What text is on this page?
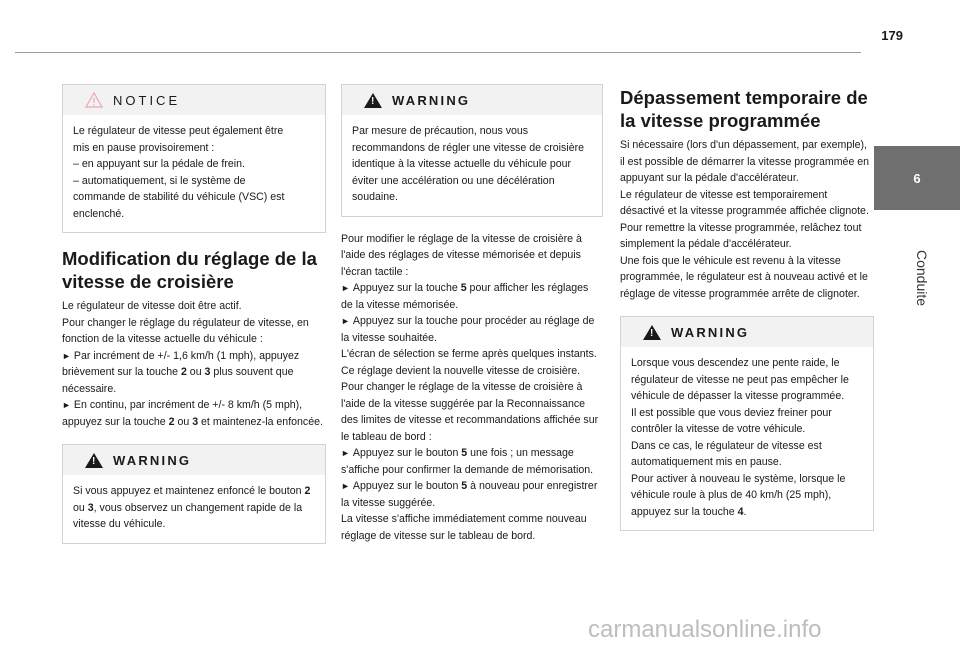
179
6
Conduite
NOTICE

Le régulateur de vitesse peut également être

mis en pause provisoirement :

– en appuyant sur la pédale de frein.

– automatiquement, si le système de

commande de stabilité du véhicule (VSC) est

enclenché.

Modification du réglage de la vitesse de croisière

Le régulateur de vitesse doit être actif.

Pour changer le réglage du régulateur de vitesse, en fonction de la vitesse actuelle du véhicule :

► Par incrément de +/- 1,6 km/h (1 mph), appuyez brièvement sur la touche 2 ou 3 plus souvent que nécessaire.

► En continu, par incrément de +/- 8 km/h (5 mph), appuyez sur la touche 2 ou 3 et maintenez-la enfoncée.

!
WARNING

Si vous appuyez et maintenez enfoncé le bouton 2 ou 3, vous observez un changement rapide de la vitesse du véhicule.

!
WARNING

Par mesure de précaution, nous vous recommandons de régler une vitesse de croisière identique à la vitesse actuelle du véhicule pour éviter une accélération ou une décélération soudaine.

Pour modifier le réglage de la vitesse de croisière à l'aide des réglages de vitesse mémorisée et depuis l'écran tactile :

► Appuyez sur la touche 5 pour afficher les réglages de la vitesse mémorisée.

► Appuyez sur la touche pour procéder au réglage de la vitesse souhaitée.

L'écran de sélection se ferme après quelques instants.

Ce réglage devient la nouvelle vitesse de croisière.

Pour changer le réglage de la vitesse de croisière à l'aide de la vitesse suggérée par la Reconnaissance des limites de vitesse et recommandations affichée sur le tableau de bord :

► Appuyez sur le bouton 5 une fois ; un message s'affiche pour confirmer la demande de mémorisation.

► Appuyez sur le bouton 5 à nouveau pour enregistrer la vitesse suggérée.

La vitesse s'affiche immédiatement comme nouveau réglage de vitesse sur le tableau de bord.

Dépassement temporaire de la vitesse programmée

Si nécessaire (lors d'un dépassement, par exemple), il est possible de démarrer la vitesse programmée en appuyant sur la pédale d'accélérateur.

Le régulateur de vitesse est temporairement désactivé et la vitesse programmée affichée clignote.

Pour remettre la vitesse programmée, relâchez tout simplement la pédale d'accélérateur.

Une fois que le véhicule est revenu à la vitesse programmée, le régulateur est à nouveau activé et le réglage de vitesse programmée arrête de clignoter.

!
WARNING

Lorsque vous descendez une pente raide, le régulateur de vitesse ne peut pas empêcher le véhicule de dépasser la vitesse programmée.

Il est possible que vous deviez freiner pour contrôler la vitesse de votre véhicule.

Dans ce cas, le régulateur de vitesse est automatiquement mis en pause.

Pour activer à nouveau le système, lorsque le véhicule roule à plus de 40 km/h (25 mph), appuyez sur la touche 4.

carmanualsonline.info
